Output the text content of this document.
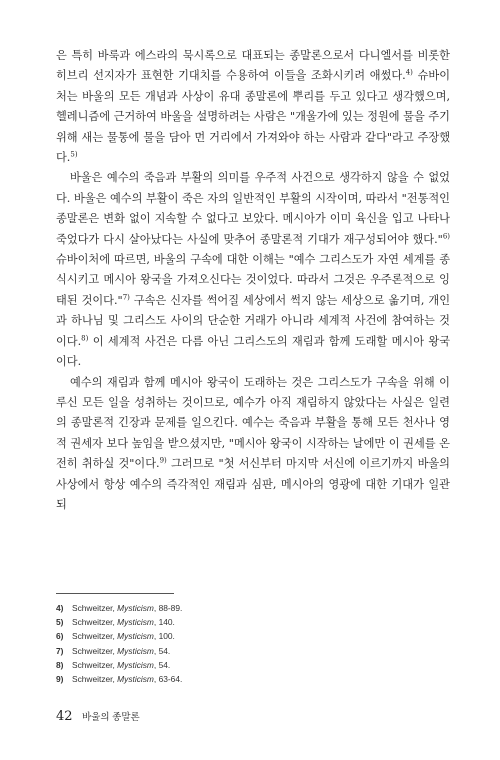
은 특히 바룩과 에스라의 묵시록으로 대표되는 종말론으로서 다니엘서를 비롯한 히브리 선지자가 표현한 기대치를 수용하여 이들을 조화시키려 애썼다.$^{4)}$ 슈바이처는 바울의 모든 개념과 사상이 유대 종말론에 뿌리를 두고 있다고 생각했으며, 헬레니즘에 근거하여 바울을 설명하려는 사람은 "개울가에 있는 정원에 물을 주기 위해 새는 물통에 물을 담아 먼 거리에서 가져와야 하는 사람과 같다"라고 주장했다.$^{5)}$

바울은 예수의 죽음과 부활의 의미를 우주적 사건으로 생각하지 않을 수 없었다. 바울은 예수의 부활이 죽은 자의 일반적인 부활의 시작이며, 따라서 "전통적인 종말론은 변화 없이 지속할 수 없다고 보았다. 메시아가 이미 육신을 입고 나타나 죽었다가 다시 살아났다는 사실에 맞추어 종말론적 기대가 재구성되어야 했다."$^{6)}$ 슈바이처에 따르면, 바울의 구속에 대한 이해는 "예수 그리스도가 자연 세계를 종식시키고 메시아 왕국을 가져오신다는 것이었다. 따라서 그것은 우주론적으로 잉태된 것이다."$^{7)}$ 구속은 신자를 썩어질 세상에서 썩지 않는 세상으로 옮기며, 개인과 하나님 및 그리스도 사이의 단순한 거래가 아니라 세계적 사건에 참여하는 것이다.$^{8)}$ 이 세계적 사건은 다름 아닌 그리스도의 재림과 함께 도래할 메시아 왕국이다.

예수의 재림과 함께 메시아 왕국이 도래하는 것은 그리스도가 구속을 위해 이루신 모든 일을 성취하는 것이므로, 예수가 아직 재림하지 않았다는 사실은 일련의 종말론적 긴장과 문제를 일으킨다. 예수는 죽음과 부활을 통해 모든 천사나 영적 권세자 보다 높임을 받으셨지만, "메시아 왕국이 시작하는 날에만 이 권세를 온전히 취하실 것"이다.$^{9)}$ 그러므로 "첫 서신부터 마지막 서신에 이르기까지 바울의 사상에서 항상 예수의 즉각적인 재림과 심판, 메시아의 영광에 대한 기대가 일관되

4) Schweitzer, Mysticism, 88-89.
5) Schweitzer, Mysticism, 140.
6) Schweitzer, Mysticism, 100.
7) Schweitzer, Mysticism, 54.
8) Schweitzer, Mysticism, 54.
9) Schweitzer, Mysticism, 63-64.
42 바울의 종말론
